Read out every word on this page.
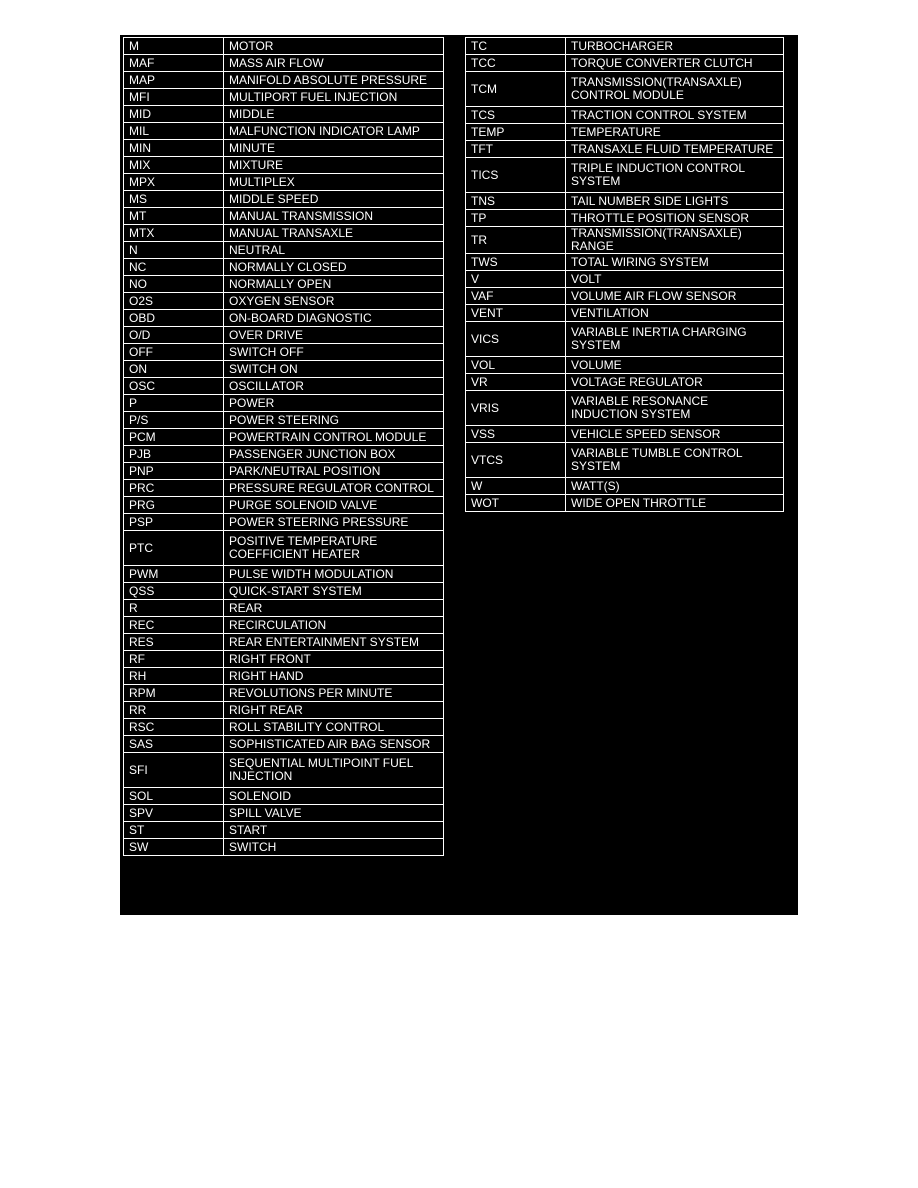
M	MOTOR
MAF	MASS AIR FLOW
MAP	MANIFOLD ABSOLUTE PRESSURE
MFI	MULTIPORT FUEL INJECTION
MID	MIDDLE
MIL	MALFUNCTION INDICATOR LAMP
MIN	MINUTE
MIX	MIXTURE
MPX	MULTIPLEX
MS	MIDDLE SPEED
MT	MANUAL TRANSMISSION
MTX	MANUAL TRANSAXLE
N	NEUTRAL
NC	NORMALLY CLOSED
NO	NORMALLY OPEN
O2S	OXYGEN SENSOR
OBD	ON-BOARD DIAGNOSTIC
O/D	OVER DRIVE
OFF	SWITCH OFF
ON	SWITCH ON
OSC	OSCILLATOR
P	POWER
P/S	POWER STEERING
PCM	POWERTRAIN CONTROL MODULE
PJB	PASSENGER JUNCTION BOX
PNP	PARK/NEUTRAL POSITION
PRC	PRESSURE REGULATOR CONTROL
PRG	PURGE SOLENOID VALVE
PSP	POWER STEERING PRESSURE
PTC	POSITIVE TEMPERATURE COEFFICIENT HEATER
PWM	PULSE WIDTH MODULATION
QSS	QUICK-START SYSTEM
R	REAR
REC	RECIRCULATION
RES	REAR ENTERTAINMENT SYSTEM
RF	RIGHT FRONT
RH	RIGHT HAND
RPM	REVOLUTIONS PER MINUTE
RR	RIGHT REAR
RSC	ROLL STABILITY CONTROL
SAS	SOPHISTICATED AIR BAG SENSOR
SFI	SEQUENTIAL MULTIPOINT FUEL INJECTION
SOL	SOLENOID
SPV	SPILL VALVE
ST	START
SW	SWITCH
TC	TURBOCHARGER
TCC	TORQUE CONVERTER CLUTCH
TCM	TRANSMISSION(TRANSAXLE) CONTROL MODULE
TCS	TRACTION CONTROL SYSTEM
TEMP	TEMPERATURE
TFT	TRANSAXLE FLUID TEMPERATURE
TICS	TRIPLE INDUCTION CONTROL SYSTEM
TNS	TAIL NUMBER SIDE LIGHTS
TP	THROTTLE POSITION SENSOR
TR	TRANSMISSION(TRANSAXLE) RANGE
TWS	TOTAL WIRING SYSTEM
V	VOLT
VAF	VOLUME AIR FLOW SENSOR
VENT	VENTILATION
VICS	VARIABLE INERTIA CHARGING SYSTEM
VOL	VOLUME
VR	VOLTAGE REGULATOR
VRIS	VARIABLE RESONANCE INDUCTION SYSTEM
VSS	VEHICLE SPEED SENSOR
VTCS	VARIABLE TUMBLE CONTROL SYSTEM
W	WATT(S)
WOT	WIDE OPEN THROTTLE
